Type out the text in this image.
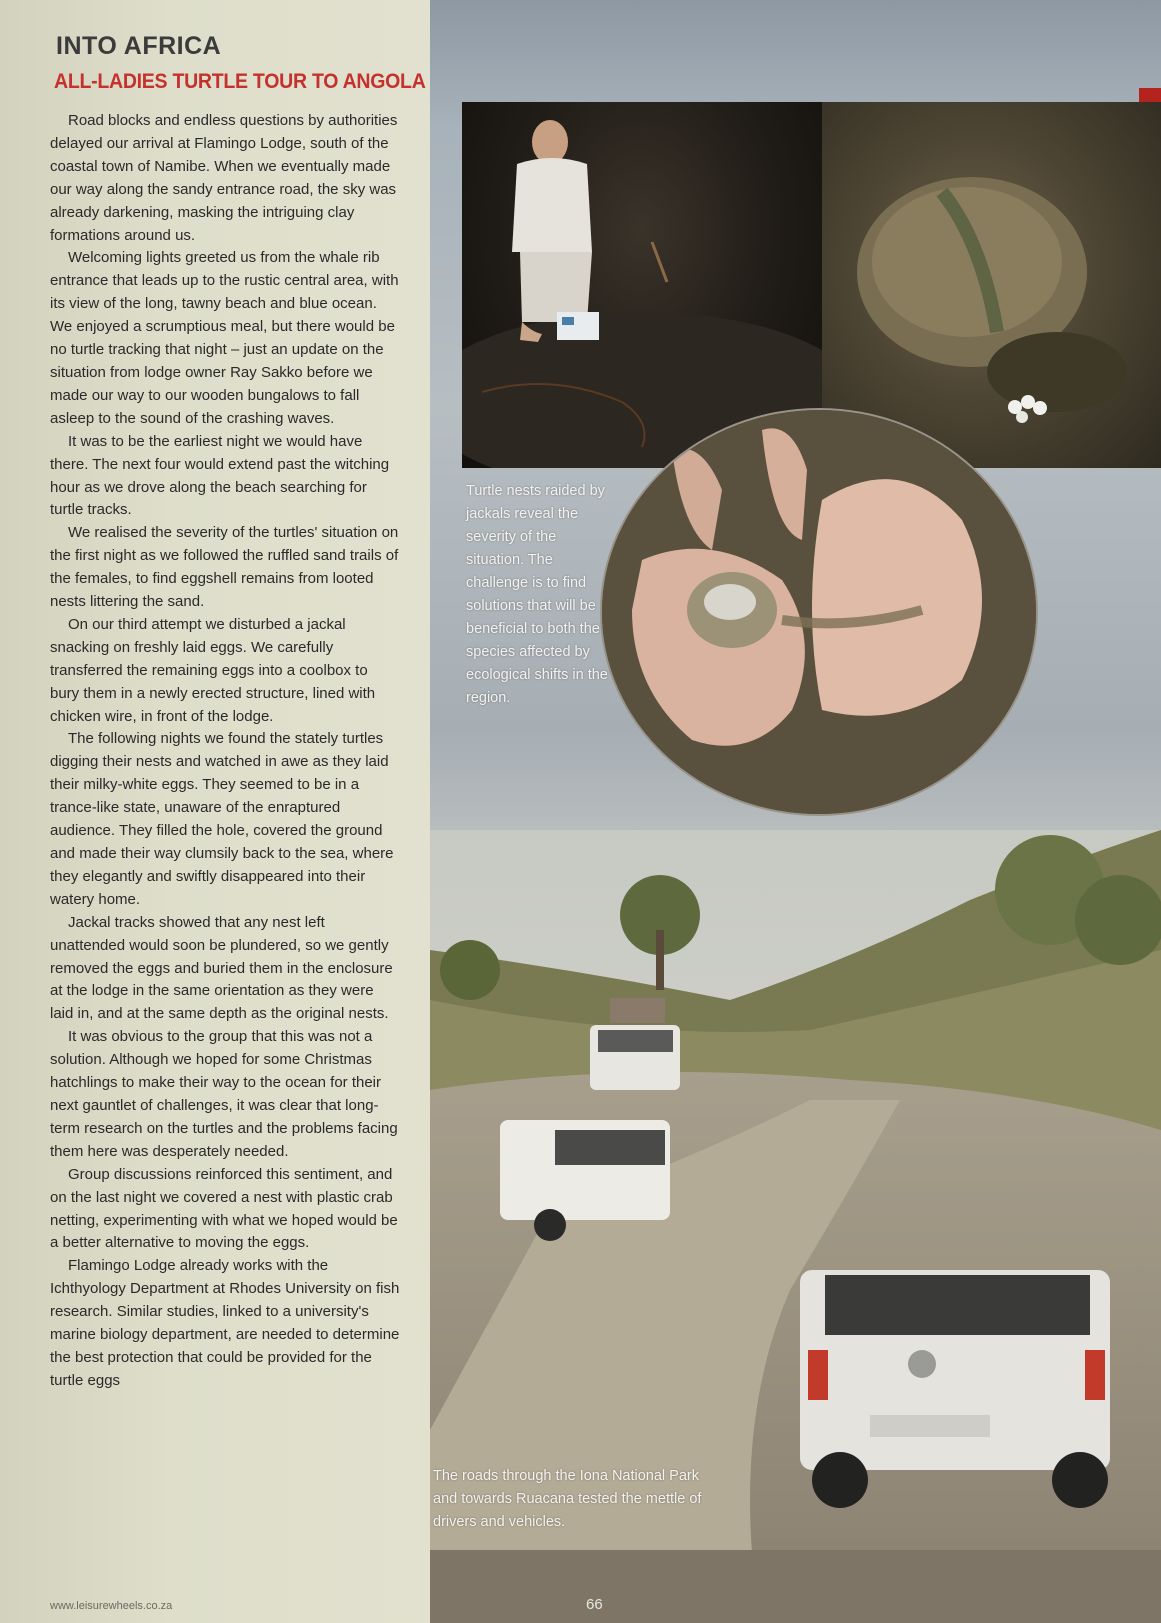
INTO AFRICA
ALL-LADIES TURTLE TOUR TO ANGOLA

Road blocks and endless questions by authorities delayed our arrival at Flamingo Lodge, south of the coastal town of Namibe. When we eventually made our way along the sandy entrance road, the sky was already darkening, masking the intriguing clay formations around us.

Welcoming lights greeted us from the whale rib entrance that leads up to the rustic central area, with its view of the long, tawny beach and blue ocean. We enjoyed a scrumptious meal, but there would be no turtle tracking that night – just an update on the situation from lodge owner Ray Sakko before we made our way to our wooden bungalows to fall asleep to the sound of the crashing waves.

It was to be the earliest night we would have there. The next four would extend past the witching hour as we drove along the beach searching for turtle tracks.

We realised the severity of the turtles' situation on the first night as we followed the ruffled sand trails of the females, to find eggshell remains from looted nests littering the sand.

On our third attempt we disturbed a jackal snacking on freshly laid eggs. We carefully transferred the remaining eggs into a coolbox to bury them in a newly erected structure, lined with chicken wire, in front of the lodge.

The following nights we found the stately turtles digging their nests and watched in awe as they laid their milky-white eggs. They seemed to be in a trance-like state, unaware of the enraptured audience. They filled the hole, covered the ground and made their way clumsily back to the sea, where they elegantly and swiftly disappeared into their watery home.

Jackal tracks showed that any nest left unattended would soon be plundered, so we gently removed the eggs and buried them in the enclosure at the lodge in the same orientation as they were laid in, and at the same depth as the original nests.

It was obvious to the group that this was not a solution. Although we hoped for some Christmas hatchlings to make their way to the ocean for their next gauntlet of challenges, it was clear that long-term research on the turtles and the problems facing them here was desperately needed.

Group discussions reinforced this sentiment, and on the last night we covered a nest with plastic crab netting, experimenting with what we hoped would be a better alternative to moving the eggs.

Flamingo Lodge already works with the Ichthyology Department at Rhodes University on fish research. Similar studies, linked to a university's marine biology department, are needed to determine the best protection that could be provided for the turtle eggs

www.leisurewheels.co.za
Turtle nests raided by jackals reveal the severity of the situation. The challenge is to find solutions that will be beneficial to both the species affected by ecological shifts in the region.
The roads through the Iona National Park and towards Ruacana tested the mettle of drivers and vehicles.
66
